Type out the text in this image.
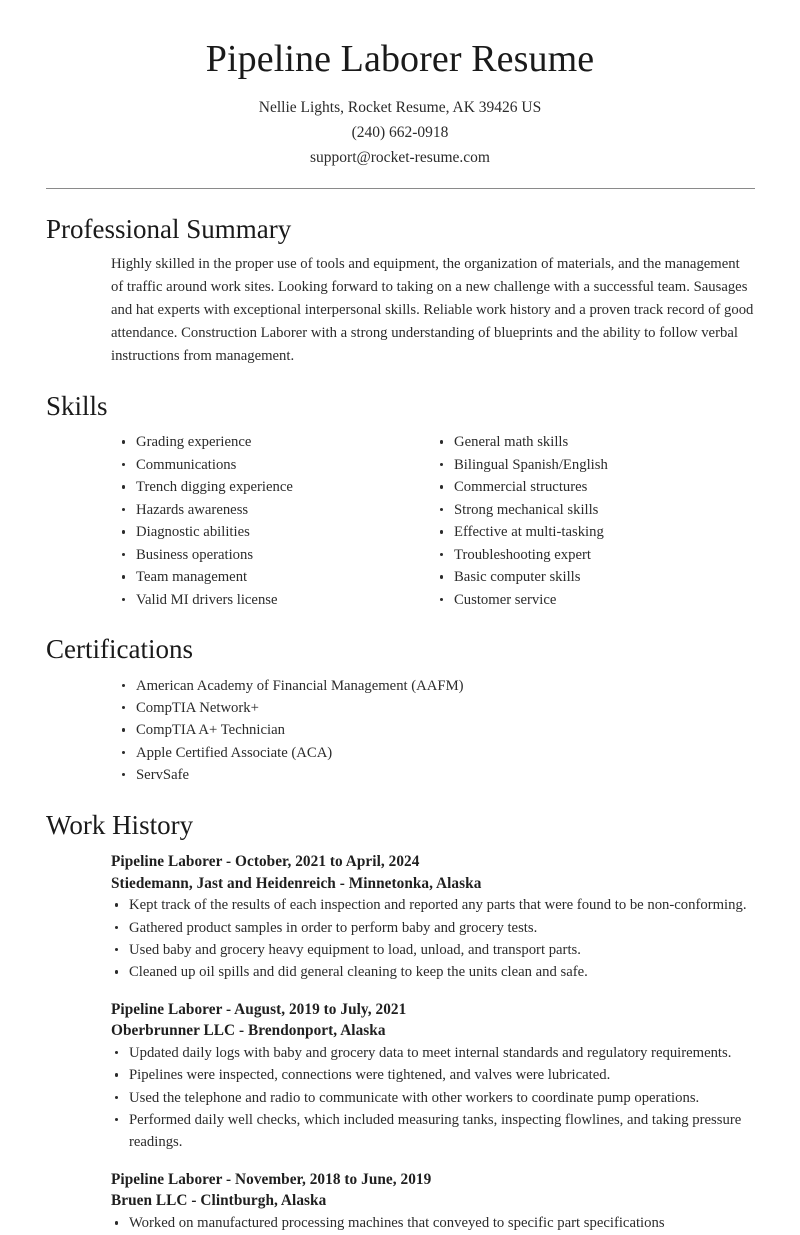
Pipeline Laborer Resume
Nellie Lights, Rocket Resume, AK 39426 US
(240) 662-0918
support@rocket-resume.com
Professional Summary

Highly skilled in the proper use of tools and equipment, the organization of materials, and the management of traffic around work sites. Looking forward to taking on a new challenge with a successful team. Sausages and hat experts with exceptional interpersonal skills. Reliable work history and a proven track record of good attendance. Construction Laborer with a strong understanding of blueprints and the ability to follow verbal instructions from management.

Skills
Grading experience
Communications
Trench digging experience
Hazards awareness
Diagnostic abilities
Business operations
Team management
Valid MI drivers license
General math skills
Bilingual Spanish/English
Commercial structures
Strong mechanical skills
Effective at multi-tasking
Troubleshooting expert
Basic computer skills
Customer service
Certifications
American Academy of Financial Management (AAFM)
CompTIA Network+
CompTIA A+ Technician
Apple Certified Associate (ACA)
ServSafe
Work History
Pipeline Laborer - October, 2021 to April, 2024
Stiedemann, Jast and Heidenreich - Minnetonka, Alaska
Kept track of the results of each inspection and reported any parts that were found to be non-conforming.
Gathered product samples in order to perform baby and grocery tests.
Used baby and grocery heavy equipment to load, unload, and transport parts.
Cleaned up oil spills and did general cleaning to keep the units clean and safe.
Pipeline Laborer - August, 2019 to July, 2021
Oberbrunner LLC - Brendonport, Alaska
Updated daily logs with baby and grocery data to meet internal standards and regulatory requirements.
Pipelines were inspected, connections were tightened, and valves were lubricated.
Used the telephone and radio to communicate with other workers to coordinate pump operations.
Performed daily well checks, which included measuring tanks, inspecting flowlines, and taking pressure readings.
Pipeline Laborer - November, 2018 to June, 2019
Bruen LLC - Clintburgh, Alaska
Worked on manufactured processing machines that conveyed to specific part specifications
